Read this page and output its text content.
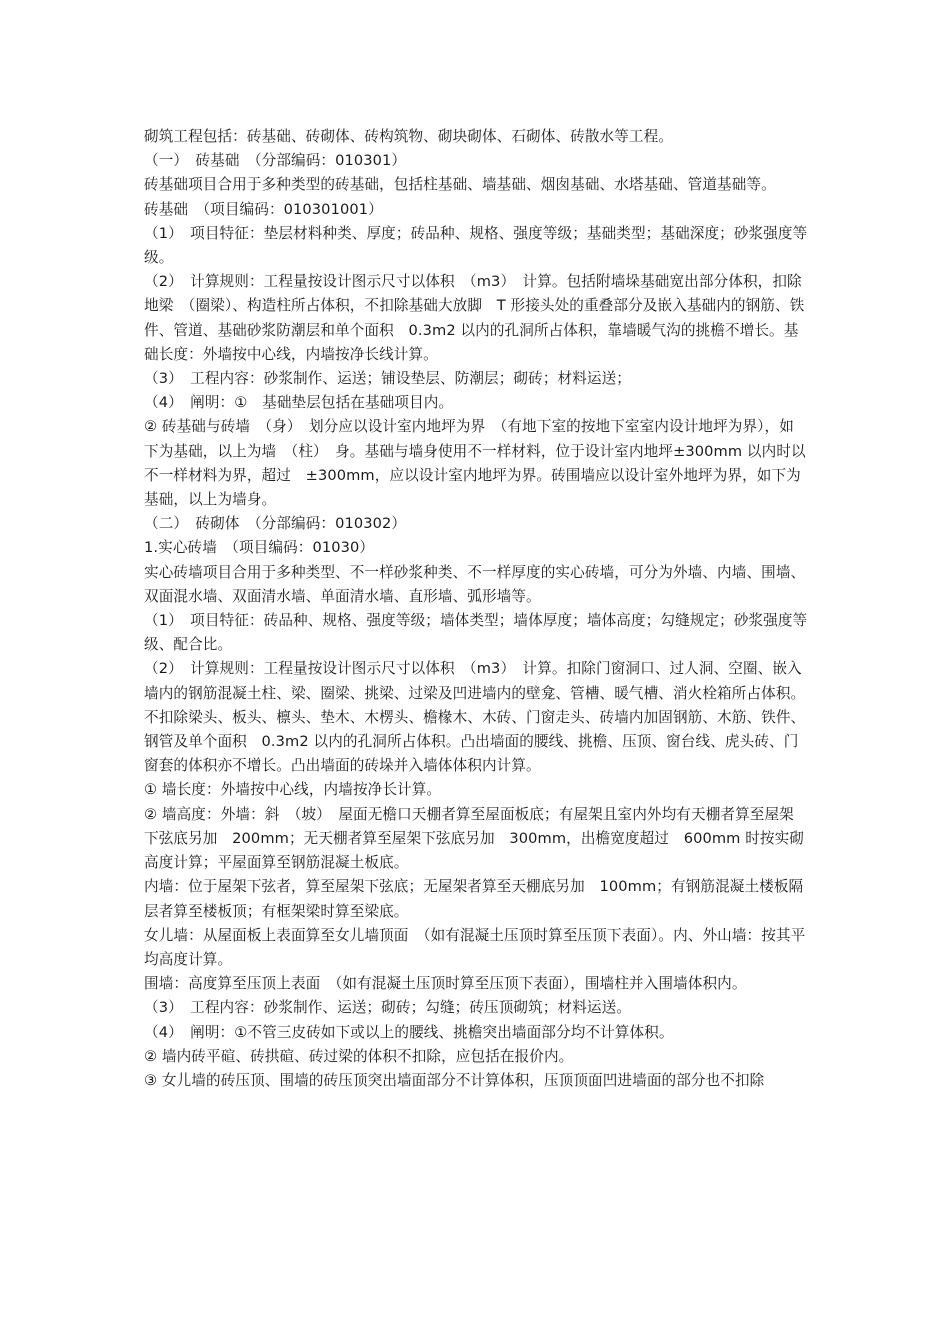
砌筑工程包括：砖基础、砖砌体、砖构筑物、砌块砌体、石砌体、砖散水等工程。

（一）　砖基础　（分部编码：010301）

砖基础项目合用于多种类型的砖基础，包括柱基础、墙基础、烟囱基础、水塔基础、管道基础等。

砖基础　（项目编码：010301001）

（1）　项目特征：垫层材料种类、厚度；砖品种、规格、强度等级；基础类型；基础深度；砂浆强度等级。

（2）　计算规则：工程量按设计图示尺寸以体积　（m3）　计算。包括附墙垛基础宽出部分体积，扣除地梁　（圈梁）、构造柱所占体积，不扣除基础大放脚　T 形接头处的重叠部分及嵌入基础内的钢筋、铁件、管道、基础砂浆防潮层和单个面积　0.3m2 以内的孔洞所占体积，靠墙暖气沟的挑檐不增长。基础长度：外墙按中心线，内墙按净长线计算。

（3）　工程内容：砂浆制作、运送；铺设垫层、防潮层；砌砖；材料运送；

（4）　阐明：①　基础垫层包括在基础项目内。

② 砖基础与砖墙　（身）　划分应以设计室内地坪为界　（有地下室的按地下室室内设计地坪为界），如下为基础，以上为墙　（柱）　身。基础与墙身使用不一样材料，位于设计室内地坪±300mm 以内时以不一样材料为界，超过　±300mm，应以设计室内地坪为界。砖围墙应以设计室外地坪为界，如下为基础，以上为墙身。

（二）　砖砌体　（分部编码：010302）

1.实心砖墙　（项目编码：01030）

实心砖墙项目合用于多种类型、不一样砂浆种类、不一样厚度的实心砖墙，可分为外墙、内墙、围墙、双面混水墙、双面清水墙、单面清水墙、直形墙、弧形墙等。

（1）　项目特征：砖品种、规格、强度等级；墙体类型；墙体厚度；墙体高度；勾缝规定；砂浆强度等级、配合比。

（2）　计算规则：工程量按设计图示尺寸以体积　（m3）　计算。扣除门窗洞口、过人洞、空圈、嵌入墙内的钢筋混凝土柱、梁、圈梁、挑梁、过梁及凹进墙内的壁龛、管槽、暖气槽、消火栓箱所占体积。不扣除梁头、板头、檩头、垫木、木楞头、檐椽木、木砖、门窗走头、砖墙内加固钢筋、木筋、铁件、钢管及单个面积　0.3m2 以内的孔洞所占体积。凸出墙面的腰线、挑檐、压顶、窗台线、虎头砖、门窗套的体积亦不增长。凸出墙面的砖垛并入墙体体积内计算。

① 墙长度：外墙按中心线，内墙按净长计算。

② 墙高度：外墙：斜　（坡）　屋面无檐口天棚者算至屋面板底；有屋架且室内外均有天棚者算至屋架下弦底另加　200mm；无天棚者算至屋架下弦底另加　300mm，出檐宽度超过　600mm 时按实砌高度计算；平屋面算至钢筋混凝土板底。

内墙：位于屋架下弦者，算至屋架下弦底；无屋架者算至天棚底另加　100mm；有钢筋混凝土楼板隔层者算至楼板顶；有框架梁时算至梁底。

女儿墙：从屋面板上表面算至女儿墙顶面　（如有混凝土压顶时算至压顶下表面）。内、外山墙：按其平均高度计算。

围墙：高度算至压顶上表面　（如有混凝土压顶时算至压顶下表面），围墙柱并入围墙体积内。

（3）　工程内容：砂浆制作、运送；砌砖；勾缝；砖压顶砌筑；材料运送。

（4）　阐明：①不管三皮砖如下或以上的腰线、挑檐突出墙面部分均不计算体积。

② 墙内砖平碹、砖拱碹、砖过梁的体积不扣除，应包括在报价内。

③ 女儿墙的砖压顶、围墙的砖压顶突出墙面部分不计算体积，压顶顶面凹进墙面的部分也不扣除
